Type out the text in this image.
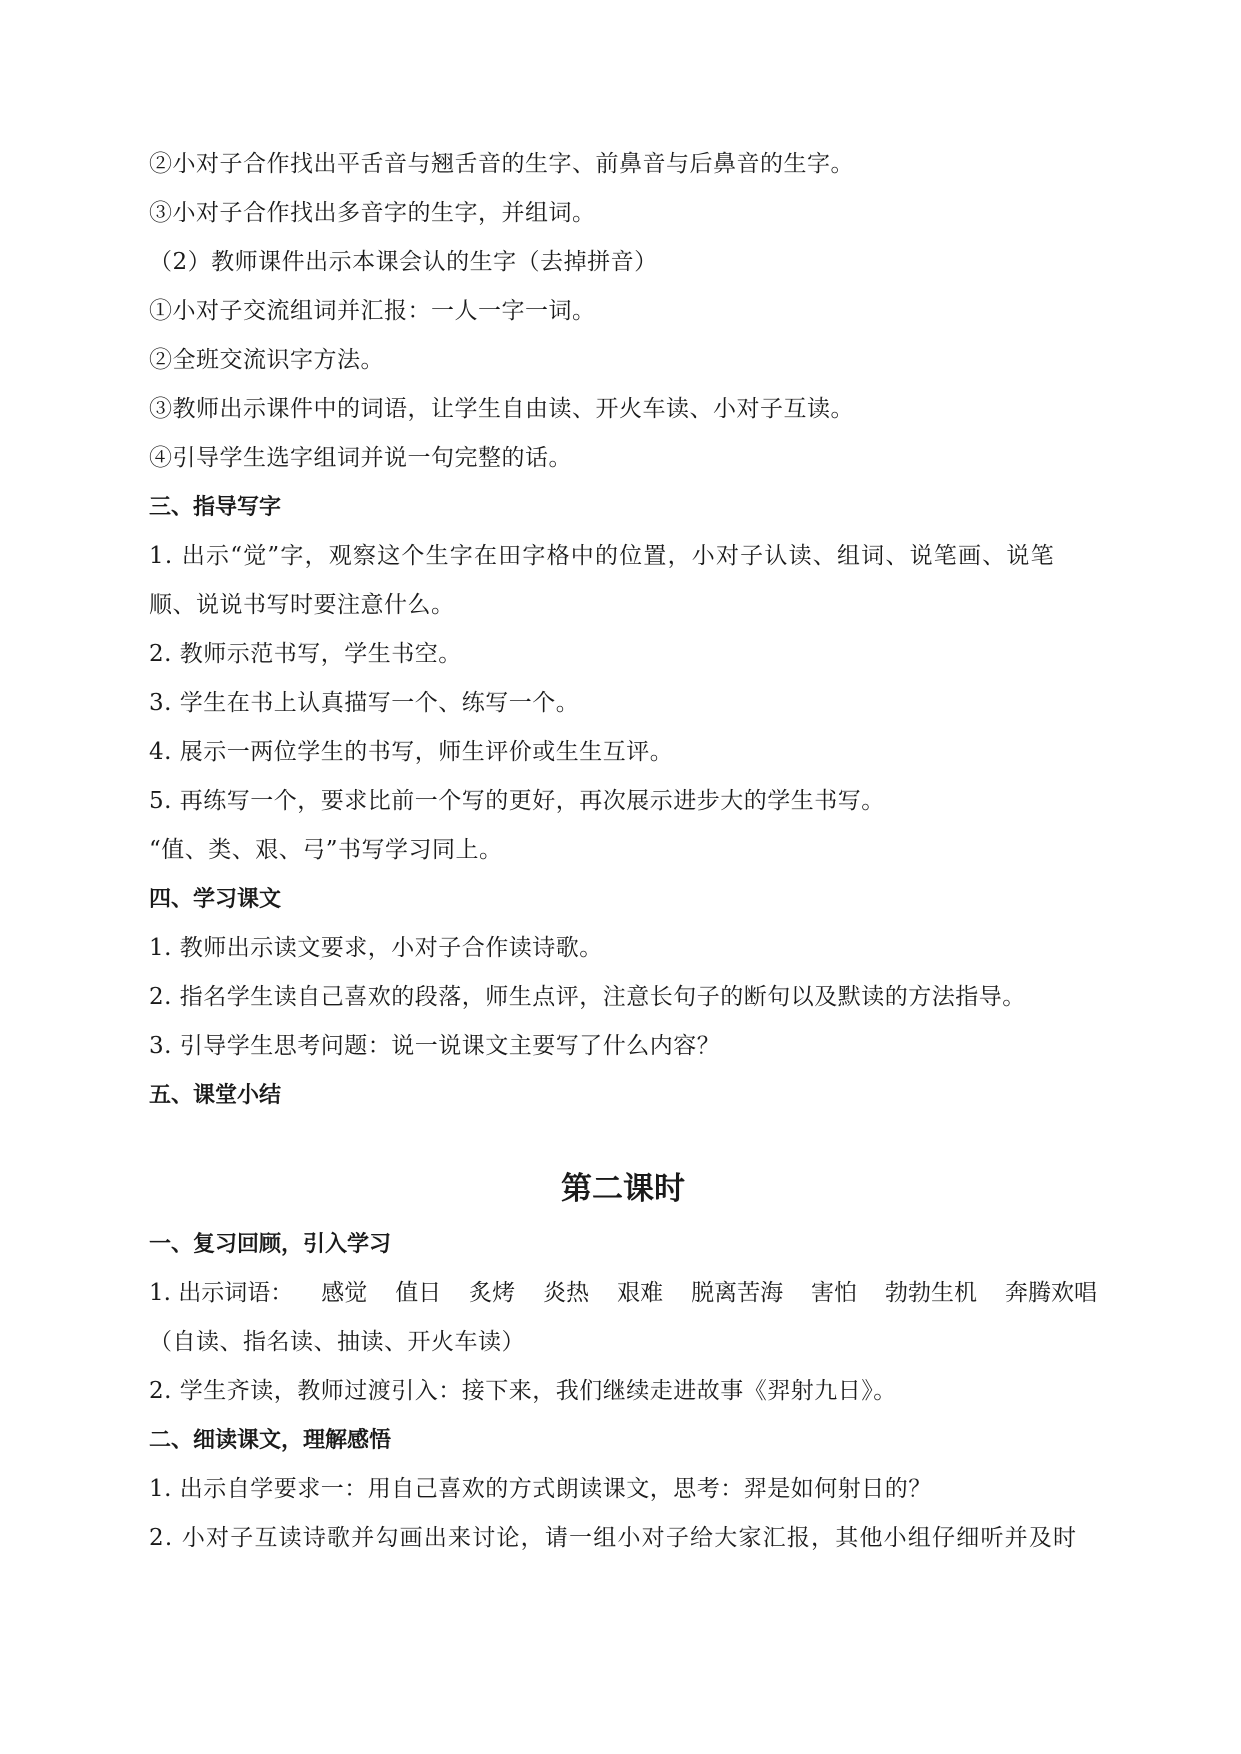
②小对子合作找出平舌音与翘舌音的生字、前鼻音与后鼻音的生字。
③小对子合作找出多音字的生字，并组词。
（2）教师课件出示本课会认的生字（去掉拼音）
①小对子交流组词并汇报：一人一字一词。
②全班交流识字方法。
③教师出示课件中的词语，让学生自由读、开火车读、小对子互读。
④引导学生选字组词并说一句完整的话。
三、指导写字
1. 出示“觉”字，观察这个生字在田字格中的位置，小对子认读、组词、说笔画、说笔
顺、说说书写时要注意什么。
2. 教师示范书写，学生书空。
3. 学生在书上认真描写一个、练写一个。
4. 展示一两位学生的书写，师生评价或生生互评。
5. 再练写一个，要求比前一个写的更好，再次展示进步大的学生书写。
“值、类、艰、弓”书写学习同上。
四、学习课文
1. 教师出示读文要求，小对子合作读诗歌。
2. 指名学生读自己喜欢的段落，师生点评，注意长句子的断句以及默读的方法指导。
3. 引导学生思考问题：说一说课文主要写了什么内容？
五、课堂小结
第二课时
一、复习回顾，引入学习
1. 出示词语： 感觉 值日 炙烤 炎热 艰难 脱离苦海 害怕 勃勃生机 奔腾欢唱
（自读、指名读、抽读、开火车读）
2. 学生齐读，教师过渡引入：接下来，我们继续走进故事《羿射九日》。
二、细读课文，理解感悟
1. 出示自学要求一：用自己喜欢的方式朗读课文，思考：羿是如何射日的？
2. 小对子互读诗歌并勾画出来讨论，请一组小对子给大家汇报，其他小组仔细听并及时
